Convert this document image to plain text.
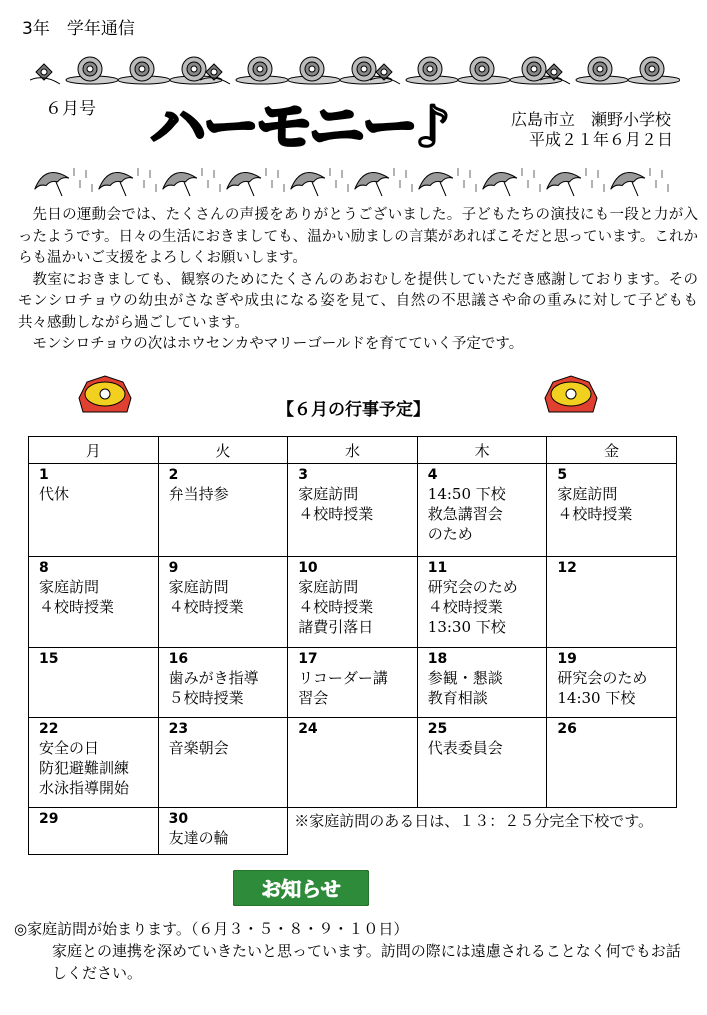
3年　学年通信
６月号 ハーモニー♪	広島市立　瀬野小学校
平成２１年６月２日

先日の運動会では、たくさんの声援をありがとうございました。子どもたちの演技にも一段と力が入ったようです。日々の生活におきましても、温かい励ましの言葉があればこそだと思っています。これからも温かいご支援をよろしくお願いします。

教室におきましても、観察のためにたくさんのあおむしを提供していただき感謝しております。そのモンシロチョウの幼虫がさなぎや成虫になる姿を見て、自然の不思議さや命の重みに対して子どもも共々感動しながら過ごしています。

モンシロチョウの次はホウセンカやマリーゴールドを育てていく予定です。

【６月の行事予定】
月	火	水	木	金

1
代休	2
弁当持参	3
家庭訪問
４校時授業	4
14:50 下校
救急講習会
のため	5
家庭訪問
４校時授業

8
家庭訪問
４校時授業	9
家庭訪問
４校時授業	10
家庭訪問
４校時授業
諸費引落日	11
研究会のため
４校時授業
13:30 下校	12

15	16
歯みがき指導
５校時授業	17
リコーダー講
習会	18
参観・懇談
教育相談	19
研究会のため
14:30 下校

22
安全の日
防犯避難訓練
水泳指導開始	23
音楽朝会	24	25
代表委員会	26

29	30
友達の輪	※家庭訪問のある日は、１３：２５分完全下校です。		
お知らせ
◎家庭訪問が始まります。（６月３・５・８・９・１０日）
家庭との連携を深めていきたいと思っています。訪問の際には遠慮されることなく何でもお話しください。
